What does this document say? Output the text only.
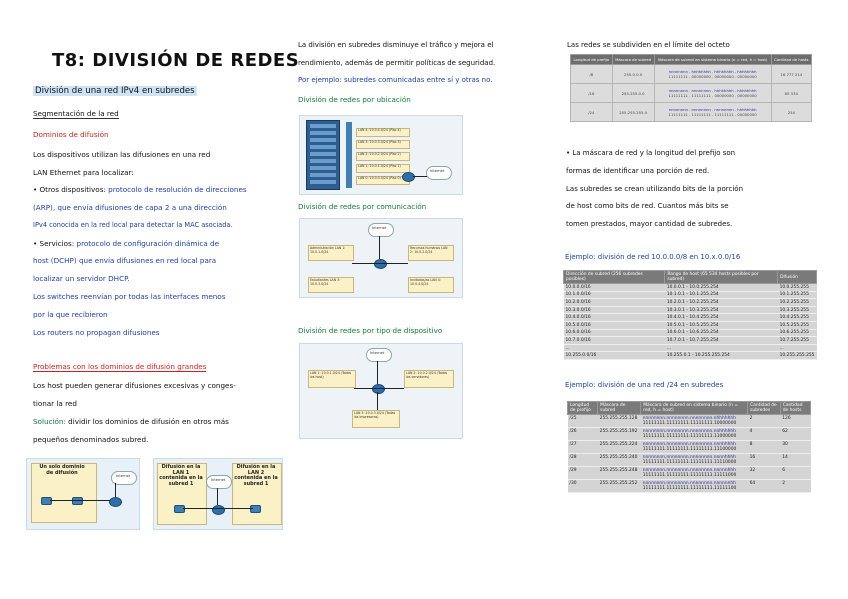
T8: DIVISIÓN DE REDES
División de una red IPv4 en subredes
Segmentación de la red
Dominios de difusión
Los dispositivos utilizan las difusiones en una red
LAN Ethernet para localizar:
• Otros dispositivos: protocolo de resolución de direcciones
(ARP), que envía difusiones de capa 2 a una dirección
IPv4 conocida en la red local para detectar la MAC asociada.
• Servicios: protocolo de configuración dinámica de
host (DCHP) que envía difusiones en red local para
localizar un servidor DHCP.
Los switches reenvían por todas las interfaces menos
por la que recibieron
Los routers no propagan difusiones
Problemas con los dominios de difusión grandes
Los host pueden generar difusiones excesivas y conges-
tionar la red
Solución: dividir los dominios de difusión en otros más
pequeños denominados subred.
Un solo dominio de difusión
Internet
Difusión en la LAN 1 contenida en la subred 1
Difusión en la LAN 2 contenida en la subred 1
Internet
La división en subredes disminuye el tráfico y mejora el
rendimiento, además de permitir políticas de seguridad.
Por ejemplo: subredes comunicadas entre sí y otras no.
División de redes por ubicación
LAN 4: 10.0.4.0/24 (Piso 4)
LAN 3: 10.0.3.0/24 (Piso 3)
LAN 2: 10.0.2.0/24 (Piso 2)
LAN 1: 10.0.1.0/24 (Piso 1)
LAN 0: 10.0.0.0/24 (Piso 0)
Internet
División de redes por comunicación
Administración LAN 1: 10.0.1.0/24
Recursos humanos LAN 2: 10.0.2.0/24
Estudiantes LAN 3: 10.0.3.0/24
Invitados/as LAN 4: 10.0.4.0/24
Internet
División de redes por tipo de dispositivo
Internet
LAN 1: 10.0.1.0/24 (Todos los host)
LAN 2: 10.0.2.0/24 (Todos los servidores)
LAN 3: 10.0.3.0/24 (Todas las impresoras)
Las redes se subdividen en el límite del octeto
Longitud de prefijo	Máscara de subred	Máscara de subred en sistema binario (n = red, h = host)	Cantidad de hosts
/8	255.0.0.0	nnnnnnnn . hhhhhhhh . hhhhhhhh . hhhhhhhh
11111111 . 00000000 . 00000000 . 00000000	16 777 214
/16	255.255.0.0	nnnnnnnn . nnnnnnnn . hhhhhhhh . hhhhhhhh
11111111 . 11111111 . 00000000 . 00000000	65 534
/24	255.255.255.0	nnnnnnnn . nnnnnnnn . nnnnnnnn . hhhhhhhh
11111111 . 11111111 . 11111111 . 00000000	254
• La máscara de red y la longitud del prefijo son
formas de identificar una porción de red.
Las subredes se crean utilizando bits de la porción
de host como bits de red. Cuantos más bits se
tomen prestados, mayor cantidad de subredes.
Ejemplo: división de red 10.0.0.0/8 en 10.x.0.0/16
Dirección de subred (256 subredes posibles)	Rango de host (65 534 hosts posibles por subred)	Difusión
10.0.0.0/16	10.0.0.1 - 10.0.255.254	10.0.255.255
10.1.0.0/16	10.1.0.1 - 10.1.255.254	10.1.255.255
10.2.0.0/16	10.2.0.1 - 10.2.255.254	10.2.255.255
10.3.0.0/16	10.3.0.1 - 10.3.255.254	10.3.255.255
10.4.0.0/16	10.4.0.1 - 10.4.255.254	10.4.255.255
10.5.0.0/16	10.5.0.1 - 10.5.255.254	10.5.255.255
10.6.0.0/16	10.6.0.1 - 10.6.255.254	10.6.255.255
10.7.0.0/16	10.7.0.1 - 10.7.255.254	10.7.255.255
...	...	...
10.255.0.0/16	10.255.0.1 - 10.255.255.254	10.255.255.255
Ejemplo: división de una red /24 en subredes
Longitud de prefijo	Máscara de subred	Máscara de subred en sistema binario (n = red, h = host)	Cantidad de subredes	Cantidad de hosts
/25	255.255.255.128	nnnnnnnn.nnnnnnnn.nnnnnnnn.nhhhhhhh
11111111.11111111.11111111.10000000	2	126
/26	255.255.255.192	nnnnnnnn.nnnnnnnn.nnnnnnnn.nnhhhhhh
11111111.11111111.11111111.11000000	4	62
/27	255.255.255.224	nnnnnnnn.nnnnnnnn.nnnnnnnn.nnnhhhhh
11111111.11111111.11111111.11100000	8	30
/28	255.255.255.240	nnnnnnnn.nnnnnnnn.nnnnnnnn.nnnnhhhh
11111111.11111111.11111111.11110000	16	14
/29	255.255.255.248	nnnnnnnn.nnnnnnnn.nnnnnnnn.nnnnnhhh
11111111.11111111.11111111.11111000	32	6
/30	255.255.255.252	nnnnnnnn.nnnnnnnn.nnnnnnnn.nnnnnnhh
11111111.11111111.11111111.11111100	64	2
